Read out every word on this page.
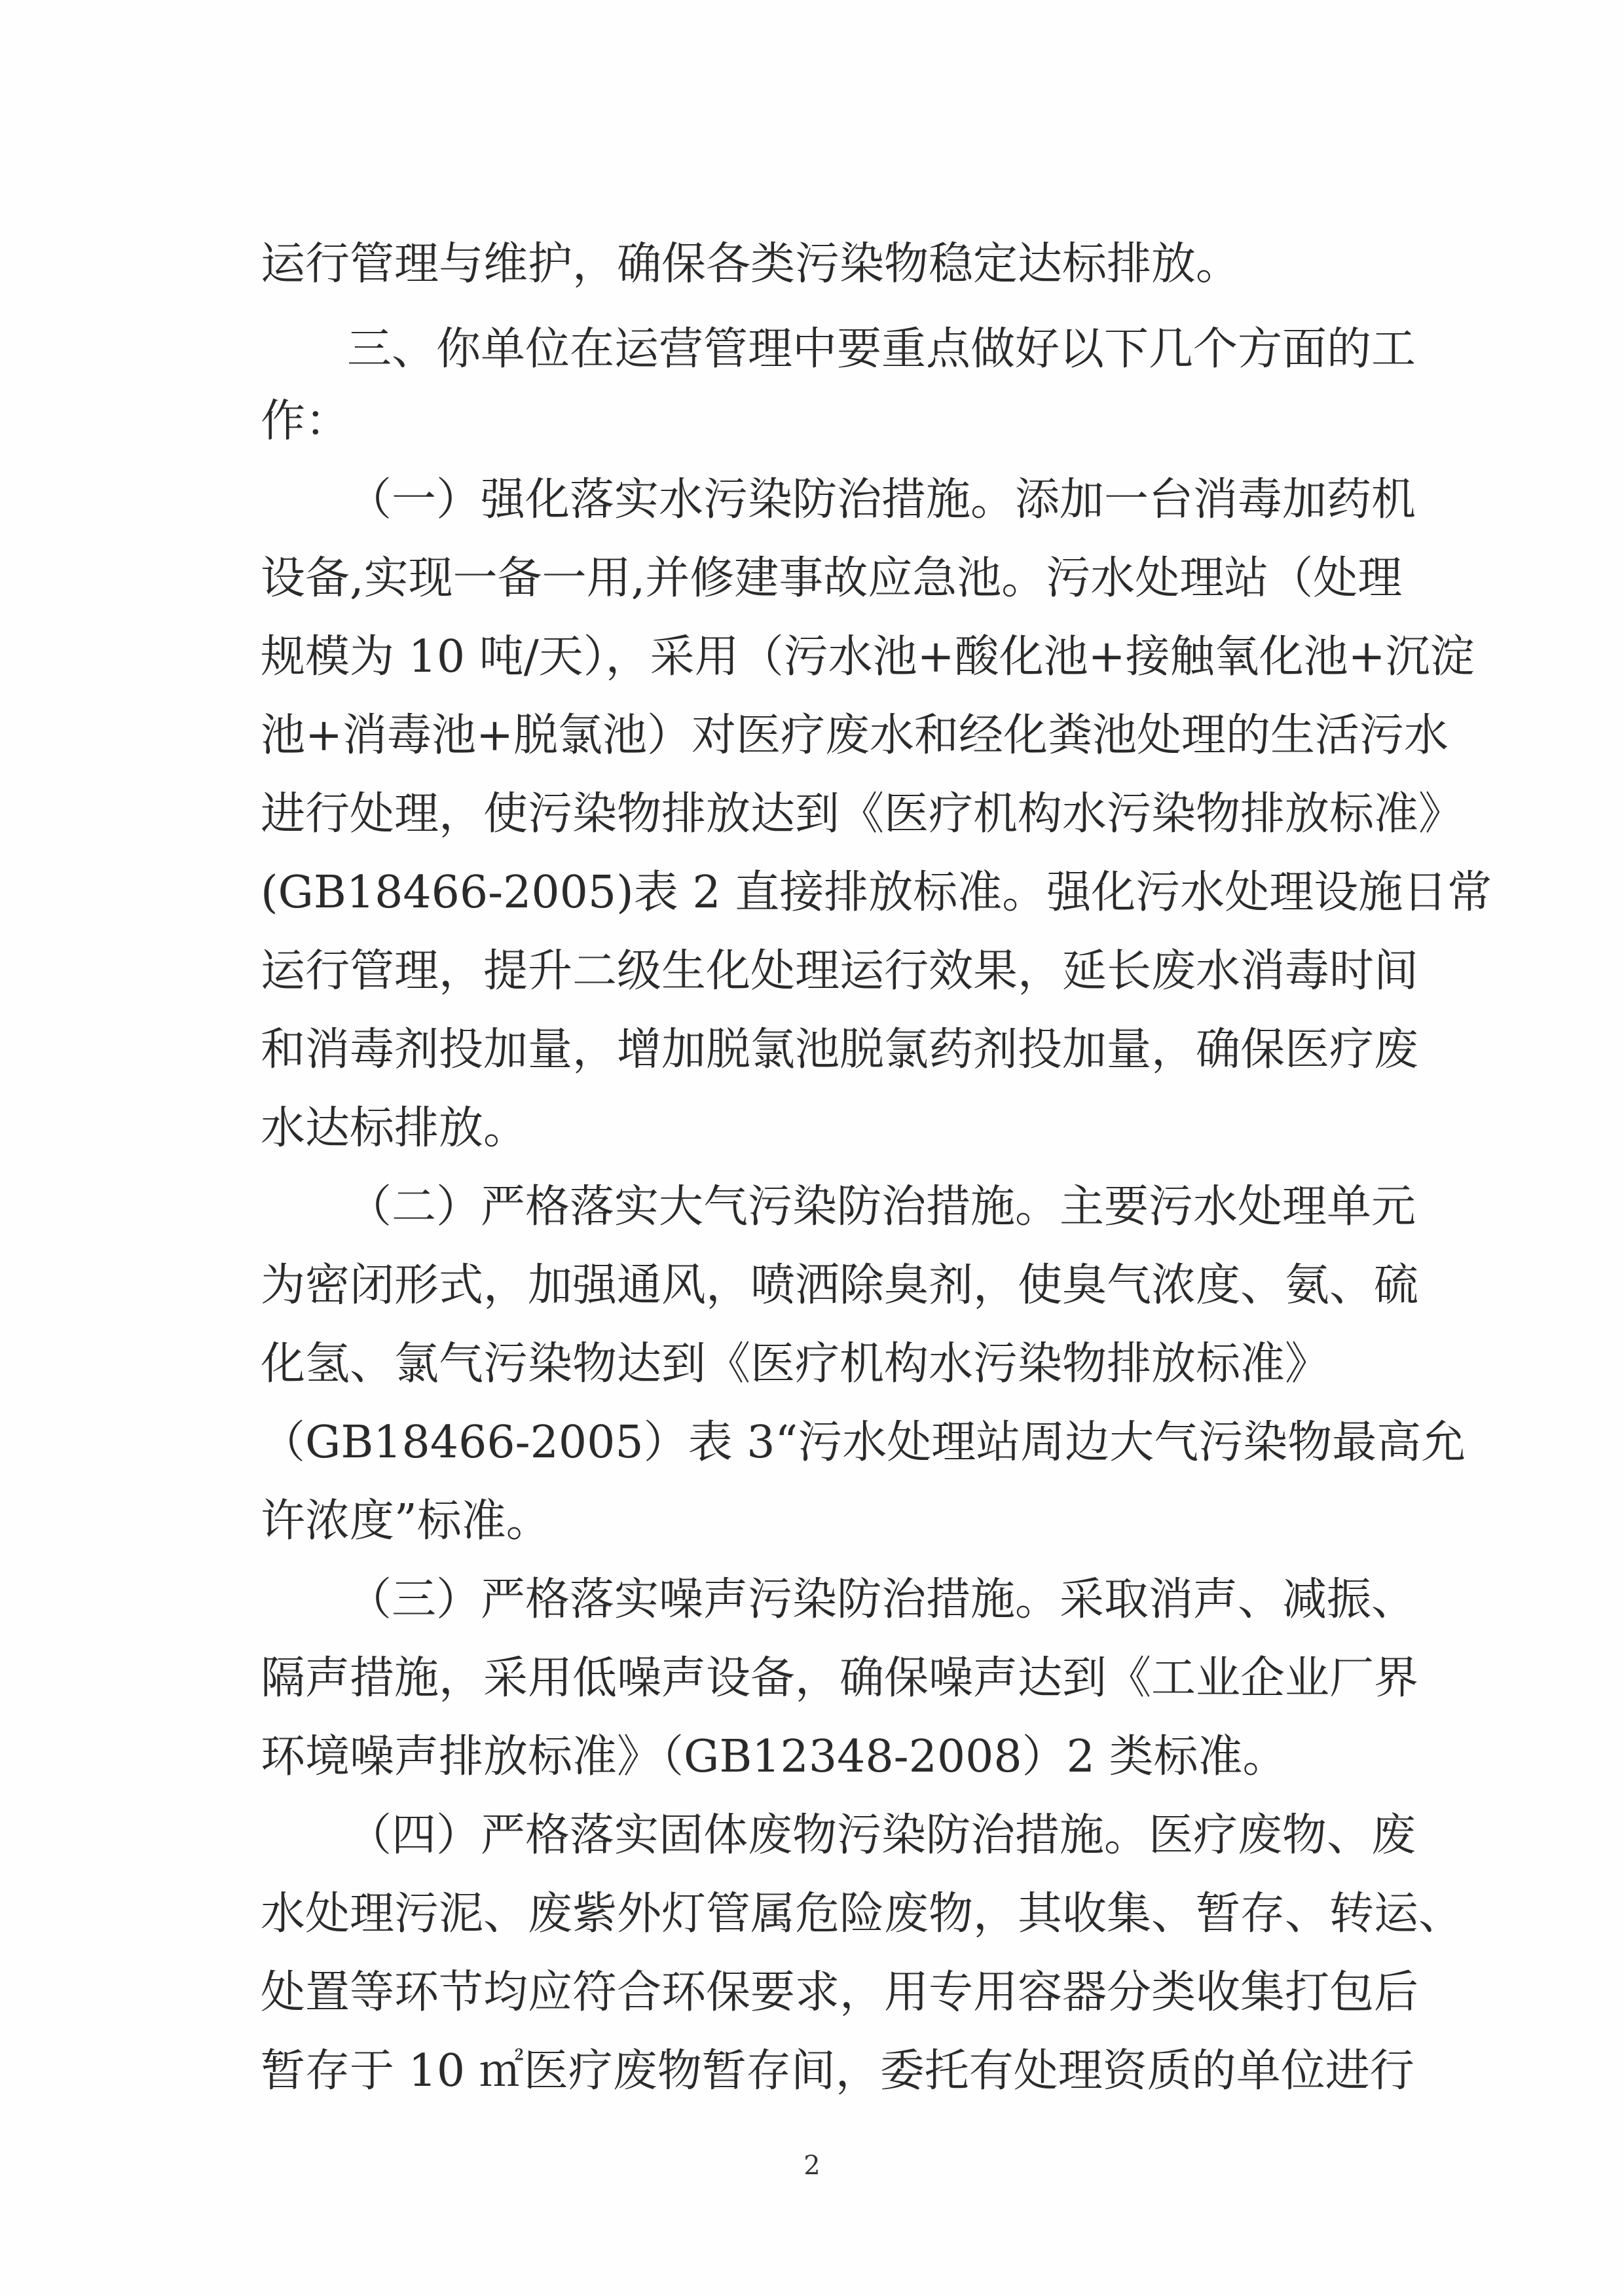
运行管理与维护，确保各类污染物稳定达标排放。
三、你单位在运营管理中要重点做好以下几个方面的工
作：
（一）强化落实水污染防治措施。添加一台消毒加药机
设备,实现一备一用,并修建事故应急池。污水处理站（处理
规模为 10 吨/天），采用（污水池+酸化池+接触氧化池+沉淀
池+消毒池+脱氯池）对医疗废水和经化粪池处理的生活污水
进行处理，使污染物排放达到《医疗机构水污染物排放标准》
(GB18466-2005)表 2 直接排放标准。强化污水处理设施日常
运行管理，提升二级生化处理运行效果，延长废水消毒时间
和消毒剂投加量，增加脱氯池脱氯药剂投加量，确保医疗废
水达标排放。
（二）严格落实大气污染防治措施。主要污水处理单元
为密闭形式，加强通风，喷洒除臭剂，使臭气浓度、氨、硫
化氢、氯气污染物达到《医疗机构水污染物排放标准》
（GB18466-2005）表 3“污水处理站周边大气污染物最高允
许浓度”标准。
（三）严格落实噪声污染防治措施。采取消声、减振、
隔声措施，采用低噪声设备，确保噪声达到《工业企业厂界
环境噪声排放标准》（GB12348-2008）2 类标准。
（四）严格落实固体废物污染防治措施。医疗废物、废
水处理污泥、废紫外灯管属危险废物，其收集、暂存、转运、
处置等环节均应符合环保要求，用专用容器分类收集打包后
暂存于 10 ㎡医疗废物暂存间，委托有处理资质的单位进行
2
